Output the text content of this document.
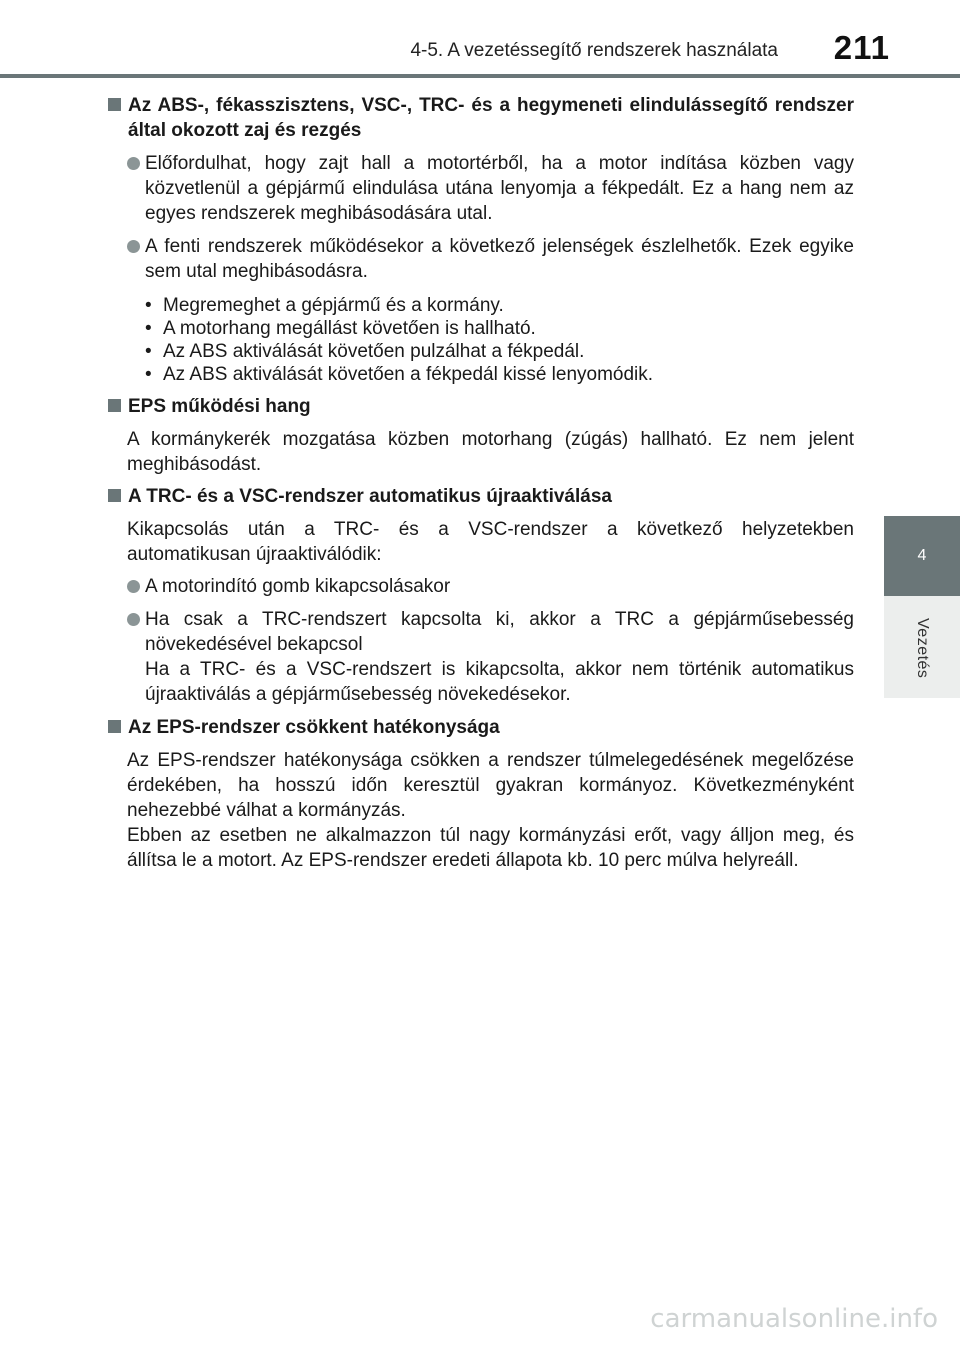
4-5. A vezetéssegítő rendszerek használata	211
4
Vezetés
Az ABS-, fékasszisztens, VSC-, TRC- és a hegymeneti elindulássegítő rendszer által okozott zaj és rezgés
Előfordulhat, hogy zajt hall a motortérből, ha a motor indítása közben vagy közvetlenül a gépjármű elindulása utána lenyomja a fékpedált. Ez a hang nem az egyes rendszerek meghibásodására utal.
A fenti rendszerek működésekor a következő jelenségek észlelhetők. Ezek egyike sem utal meghibásodásra.
• Megremeghet a gépjármű és a kormány.
• A motorhang megállást követően is hallható.
• Az ABS aktiválását követően pulzálhat a fékpedál.
• Az ABS aktiválását követően a fékpedál kissé lenyomódik.
EPS működési hang
A kormánykerék mozgatása közben motorhang (zúgás) hallható. Ez nem jelent meghibásodást.
A TRC- és a VSC-rendszer automatikus újraaktiválása
Kikapcsolás után a TRC- és a VSC-rendszer a következő helyzetekben automatikusan újraaktiválódik:
A motorindító gomb kikapcsolásakor
Ha csak a TRC-rendszert kapcsolta ki, akkor a TRC a gépjárműsebesség növekedésével bekapcsol
Ha a TRC- és a VSC-rendszert is kikapcsolta, akkor nem történik automatikus újraaktiválás a gépjárműsebesség növekedésekor.
Az EPS-rendszer csökkent hatékonysága
Az EPS-rendszer hatékonysága csökken a rendszer túlmelegedésének megelőzése érdekében, ha hosszú időn keresztül gyakran kormányoz. Következményként nehezebbé válhat a kormányzás.
Ebben az esetben ne alkalmazzon túl nagy kormányzási erőt, vagy álljon meg, és állítsa le a motort. Az EPS-rendszer eredeti állapota kb. 10 perc múlva helyreáll.
carmanualsonline.info
